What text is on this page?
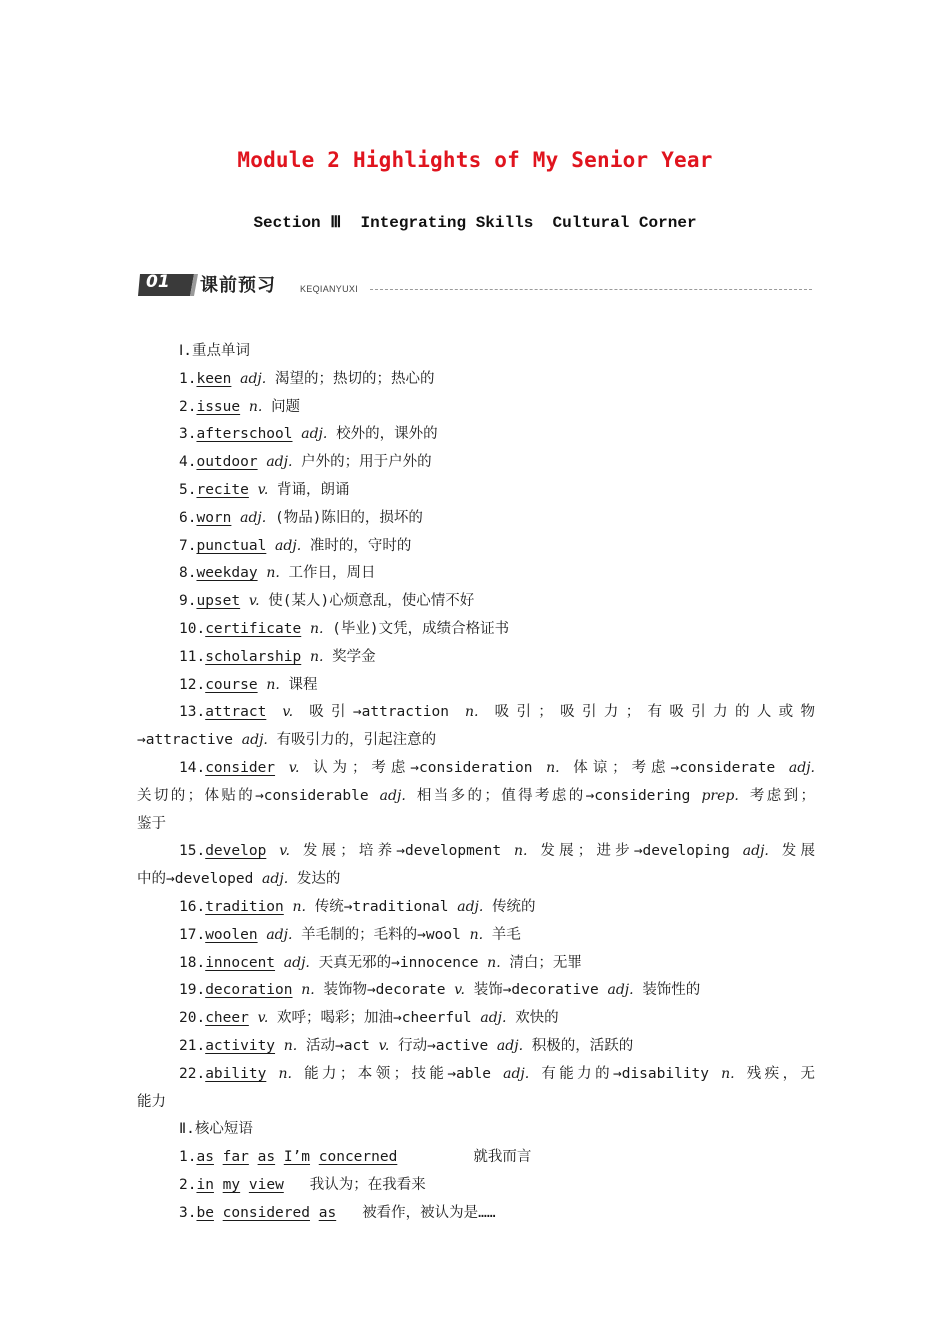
Module 2 Highlights of My Senior Year
Section Ⅲ  Integrating Skills  Cultural Corner
01 课前预习	KEQIANYUXI
Ⅰ.重点单词
1.keen adj. 渴望的；热切的；热心的
2.issue n. 问题
3.afterschool adj. 校外的，课外的
4.outdoor adj. 户外的；用于户外的
5.recite v. 背诵，朗诵
6.worn adj. (物品)陈旧的，损坏的
7.punctual adj. 准时的，守时的
8.weekday n. 工作日，周日
9.upset v. 使(某人)心烦意乱，使心情不好
10.certificate n. (毕业)文凭，成绩合格证书
11.scholarship n. 奖学金
12.course n. 课程
13.attract v. 吸引→attraction n. 吸引；吸引力；有吸引力的人或物
→attractive adj. 有吸引力的，引起注意的
14.consider v. 认为；考虑→consideration n. 体谅；考虑→considerate adj.
关切的；体贴的→considerable adj. 相当多的；值得考虑的→considering prep. 考虑到；
鉴于
15.develop v. 发展；培养→development n. 发展；进步→developing adj. 发展
中的→developed adj. 发达的
16.tradition n. 传统→traditional adj. 传统的
17.woolen adj. 羊毛制的；毛料的→wool n. 羊毛
18.innocent adj. 天真无邪的→innocence n. 清白；无罪
19.decoration n. 装饰物→decorate v. 装饰→decorative adj. 装饰性的
20.cheer v. 欢呼；喝彩；加油→cheerful adj. 欢快的
21.activity n. 活动→act v. 行动→active adj. 积极的，活跃的
22.ability n. 能力；本领；技能→able adj. 有能力的→disability n. 残疾，无
能力
Ⅱ.核心短语
1.as far as I’m concerned	就我而言
2.in my view 我认为；在我看来
3.be considered as 被看作，被认为是……
